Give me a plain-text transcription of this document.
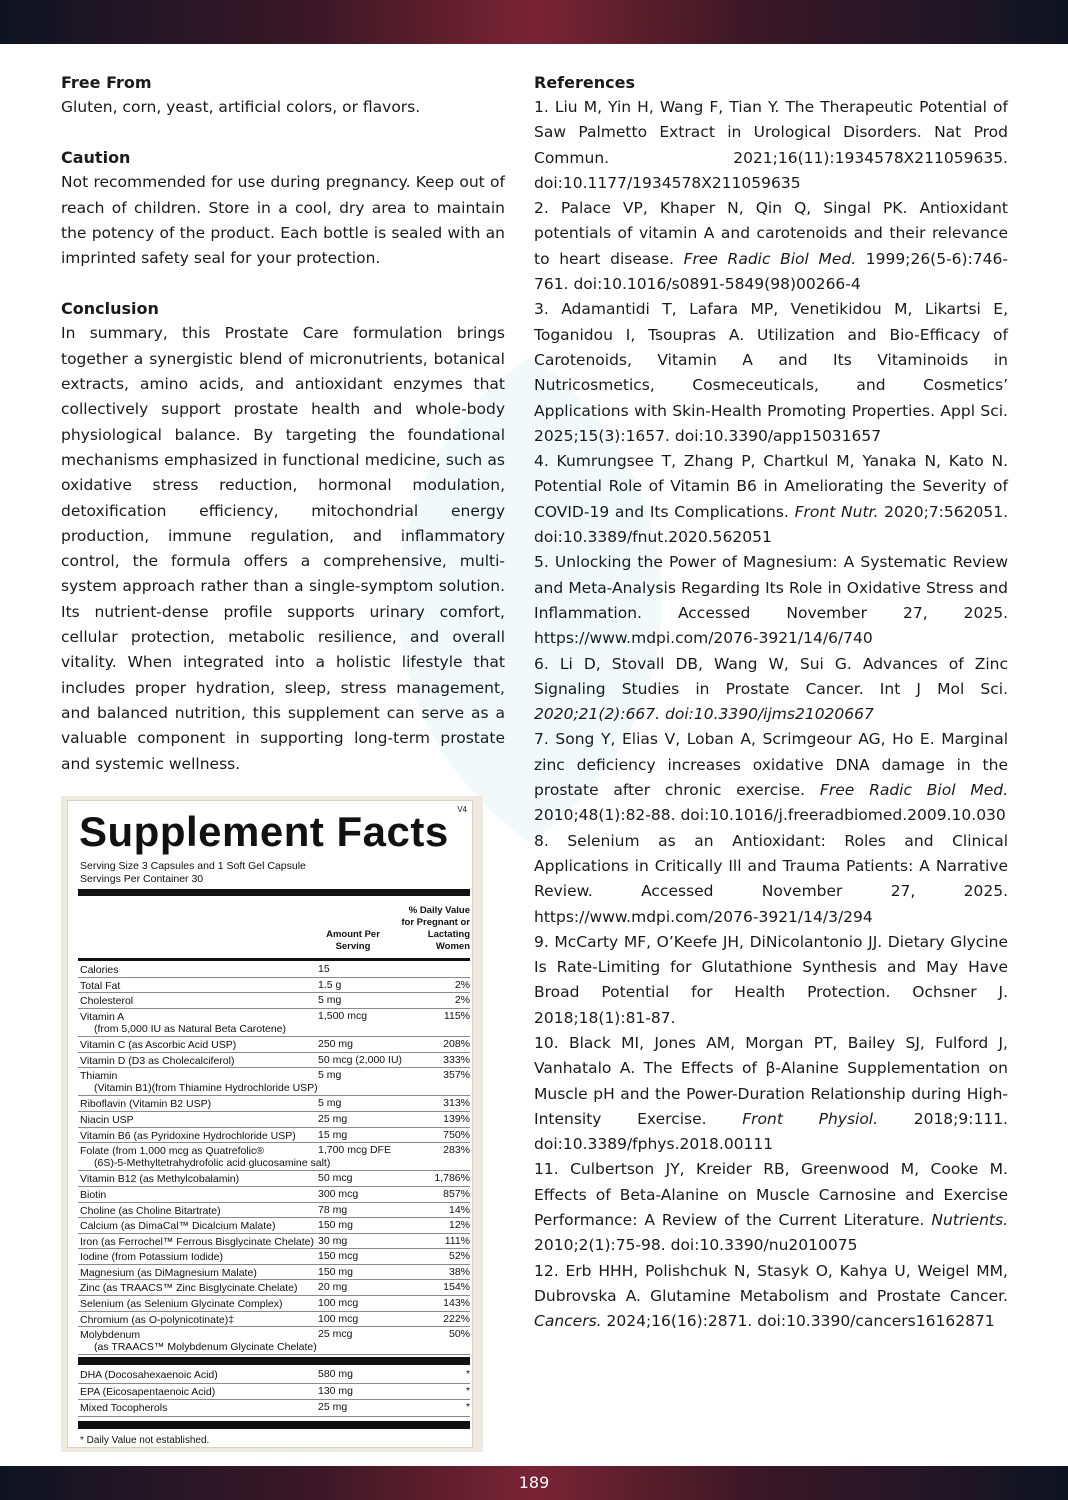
Free From

Gluten, corn, yeast, artificial colors, or flavors.

Caution

Not recommended for use during pregnancy. Keep out of reach of children. Store in a cool, dry area to maintain the potency of the product. Each bottle is sealed with an imprinted safety seal for your protection.

Conclusion

In summary, this Prostate Care formulation brings together a synergistic blend of micronutrients, botanical extracts, amino acids, and antioxidant enzymes that collectively support prostate health and whole-body physiological balance. By targeting the foundational mechanisms emphasized in functional medicine, such as oxidative stress reduction, hormonal modulation, detoxification efficiency, mitochondrial energy production, immune regulation, and inflammatory control, the formula offers a comprehensive, multi-system approach rather than a single-symptom solution. Its nutrient-dense profile supports urinary comfort, cellular protection, metabolic resilience, and overall vitality. When integrated into a holistic lifestyle that includes proper hydration, sleep, stress management, and balanced nutrition, this supplement can serve as a valuable component in supporting long-term prostate and systemic wellness.

References

1. Liu M, Yin H, Wang F, Tian Y. The Therapeutic Potential of Saw Palmetto Extract in Urological Disorders. Nat Prod Commun. 2021;16(11):1934578X211059635. doi:10.1177/1934578X211059635

2. Palace VP, Khaper N, Qin Q, Singal PK. Antioxidant potentials of vitamin A and carotenoids and their relevance to heart disease. Free Radic Biol Med. 1999;26(5-6):746-761. doi:10.1016/s0891-5849(98)00266-4

3. Adamantidi T, Lafara MP, Venetikidou M, Likartsi E, Toganidou I, Tsoupras A. Utilization and Bio-Efficacy of Carotenoids, Vitamin A and Its Vitaminoids in Nutricosmetics, Cosmeceuticals, and Cosmetics’ Applications with Skin-Health Promoting Properties. Appl Sci. 2025;15(3):1657. doi:10.3390/app15031657

4. Kumrungsee T, Zhang P, Chartkul M, Yanaka N, Kato N. Potential Role of Vitamin B6 in Ameliorating the Severity of COVID-19 and Its Complications. Front Nutr. 2020;7:562051. doi:10.3389/fnut.2020.562051

5. Unlocking the Power of Magnesium: A Systematic Review and Meta-Analysis Regarding Its Role in Oxidative Stress and Inflammation. Accessed November 27, 2025. https://www.mdpi.com/2076-3921/14/6/740

6. Li D, Stovall DB, Wang W, Sui G. Advances of Zinc Signaling Studies in Prostate Cancer. Int J Mol Sci. 2020;21(2):667. doi:10.3390/ijms21020667

7. Song Y, Elias V, Loban A, Scrimgeour AG, Ho E. Marginal zinc deficiency increases oxidative DNA damage in the prostate after chronic exercise. Free Radic Biol Med. 2010;48(1):82-88. doi:10.1016/j.freeradbiomed.2009.10.030

8. Selenium as an Antioxidant: Roles and Clinical Applications in Critically Ill and Trauma Patients: A Narrative Review. Accessed November 27, 2025. https://www.mdpi.com/2076-3921/14/3/294

9. McCarty MF, O’Keefe JH, DiNicolantonio JJ. Dietary Glycine Is Rate-Limiting for Glutathione Synthesis and May Have Broad Potential for Health Protection. Ochsner J. 2018;18(1):81-87.

10. Black MI, Jones AM, Morgan PT, Bailey SJ, Fulford J, Vanhatalo A. The Effects of β-Alanine Supplementation on Muscle pH and the Power-Duration Relationship during High-Intensity Exercise. Front Physiol. 2018;9:111. doi:10.3389/fphys.2018.00111

11. Culbertson JY, Kreider RB, Greenwood M, Cooke M. Effects of Beta-Alanine on Muscle Carnosine and Exercise Performance: A Review of the Current Literature. Nutrients. 2010;2(1):75-98. doi:10.3390/nu2010075

12. Erb HHH, Polishchuk N, Stasyk O, Kahya U, Weigel MM, Dubrovska A. Glutamine Metabolism and Prostate Cancer. Cancers. 2024;16(16):2871. doi:10.3390/cancers16162871

V4
Supplement Facts
Serving Size 3 Capsules and 1 Soft Gel Capsule
Servings Per Container 30
Amount Per Serving
% Daily Value for Pregnant or Lactating Women
Calories	15
Total Fat	1.5 g	2%
Cholesterol	5 mg	2%
Vitamin A
(from 5,000 IU as Natural Beta Carotene)
1,500 mcg	115%
Vitamin C (as Ascorbic Acid USP)	250 mg	208%
Vitamin D (D3 as Cholecalciferol)	50 mcg (2,000 IU)	333%
Thiamin
(Vitamin B1)(from Thiamine Hydrochloride USP)
5 mg	357%
Riboflavin (Vitamin B2 USP)	5 mg	313%
Niacin USP	25 mg	139%
Vitamin B6 (as Pyridoxine Hydrochloride USP)	15 mg	750%
Folate (from 1,000 mcg as Quatrefolic®
(6S)-5-Methyltetrahydrofolic acid glucosamine salt)
1,700 mcg DFE	283%
Vitamin B12 (as Methylcobalamin)	50 mcg	1,786%
Biotin	300 mcg	857%
Choline (as Choline Bitartrate)	78 mg	14%
Calcium (as DimaCal™ Dicalcium Malate)	150 mg	12%
Iron (as Ferrochel™ Ferrous Bisglycinate Chelate) 30 mg	111%
Iodine (from Potassium Iodide)	150 mcg	52%
Magnesium (as DiMagnesium Malate)	150 mg	38%
Zinc (as TRAACS™ Zinc Bisglycinate Chelate)	20 mg	154%
Selenium (as Selenium Glycinate Complex)	100 mcg	143%
Chromium (as O-polynicotinate)‡	100 mcg	222%
Molybdenum
(as TRAACS™ Molybdenum Glycinate Chelate)
25 mcg	50%
DHA (Docosahexaenoic Acid)	580 mg	*
EPA (Eicosapentaenoic Acid)	130 mg	*
Mixed Tocopherols	25 mg	*
* Daily Value not established.
189
